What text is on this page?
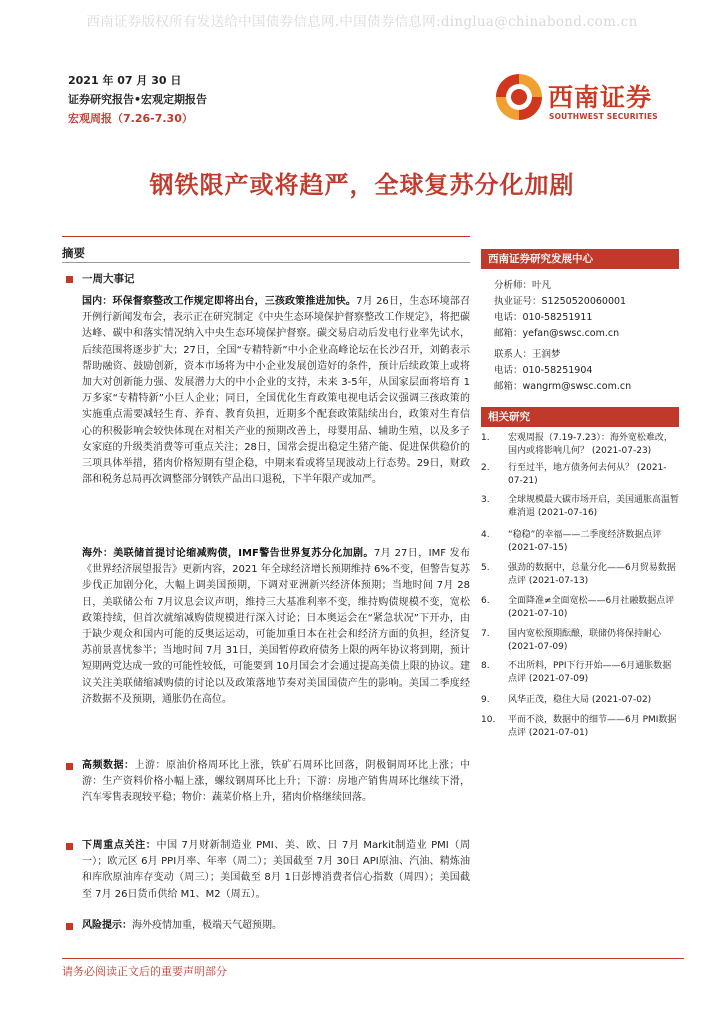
西南证券版权所有发送给中国债券信息网.中国债券信息网:dinglua@chinabond.com.cn
2021 年 07 月 30 日
证券研究报告•宏观定期报告
宏观周报（7.26-7.30）
西南证券
SOUTHWEST SECURITIES
钢铁限产或将趋严，全球复苏分化加剧
摘要
一周大事记
国内：环保督察整改工作规定即将出台，三孩政策推进加快。7月 26日，生态环境部召开例行新闻发布会，表示正在研究制定《中央生态环境保护督察整改工作规定》，将把碳达峰、碳中和落实情况纳入中央生态环境保护督察。碳交易启动后发电行业率先试水，后续范围将逐步扩大；27日，全国“专精特新”中小企业高峰论坛在长沙召开，刘鹤表示帮助融资、鼓励创新，资本市场将为中小企业发展创造好的条件，预计后续政策上或将加大对创新能力强、发展潜力大的中小企业的支持，未来 3-5年，从国家层面将培育 1万多家“专精特新”小巨人企业；同日，全国优化生育政策电视电话会议强调三孩政策的实施重点需要减轻生育、养育、教育负担，近期多个配套政策陆续出台，政策对生育信心的积极影响会较快体现在对相关产业的预期改善上，母婴用品、辅助生殖，以及多子女家庭的升级类消费等可重点关注；28日，国常会提出稳定生猪产能、促进保供稳价的三项具体举措，猪肉价格短期有望企稳，中期来看或将呈现波动上行态势。29日，财政部和税务总局再次调整部分钢铁产品出口退税，下半年限产或加严。
海外：美联储首提讨论缩减购债，IMF警告世界复苏分化加剧。7月 27日，IMF 发布《世界经济展望报告》更新内容，2021 年全球经济增长预期维持 6%不变，但警告复苏步伐正加剧分化，大幅上调美国预期，下调对亚洲新兴经济体预期；当地时间 7月 28日，美联储公布 7月议息会议声明，维持三大基准利率不变，维持购债规模不变，宽松政策持续，但首次就缩减购债规模进行深入讨论；日本奥运会在“紧急状况”下开办，由于缺少观众和国内可能的反奥运运动，可能加重日本在社会和经济方面的负担，经济复苏前景喜忧参半；当地时间 7月 31日，美国暂停政府债务上限的两年协议将到期，预计短期两党达成一致的可能性较低，可能要到 10月国会才会通过提高美债上限的协议。建议关注美联储缩减购债的讨论以及政策落地节奏对美国国债产生的影响。美国二季度经济数据不及预期，通胀仍在高位。
高频数据：上游：原油价格周环比上涨，铁矿石周环比回落，阴极铜周环比上涨；中游：生产资料价格小幅上涨，螺纹钢周环比上升；下游：房地产销售周环比继续下滑，汽车零售表现较平稳；物价：蔬菜价格上升，猪肉价格继续回落。
下周重点关注：中国 7月财新制造业 PMI、美、欧、日 7月 Markit制造业 PMI（周一）；欧元区 6月 PPI月率、年率（周二）；美国截至 7月 30日 API原油、汽油、精炼油和库欣原油库存变动（周三）；美国截至 8月 1日彭博消费者信心指数（周四）；美国截至 7月 26日货币供给 M1、M2（周五）。
风险提示：海外疫情加重，极端天气超预期。
西南证券研究发展中心
分析师：叶凡
执业证号：S1250520060001
电话：010-58251911
邮箱：yefan@swsc.com.cn
联系人：王润梦
电话：010-58251904
邮箱：wangrm@swsc.com.cn
相关研究
1. 宏观周报（7.19-7.23）：海外宽松难改，国内或将影响几何？ (2021-07-23)
2. 行至过半，地方债务何去何从？ (2021-07-21)
3. 全球规模最大碳市场开启，美国通胀高温暂难消退 (2021-07-16)
4. “稳稳”的幸福——二季度经济数据点评 (2021-07-15)
5. 强劲的数据中，总量分化——6月贸易数据点评 (2021-07-13)
6. 全面降准≠全面宽松——6月社融数据点评 (2021-07-10)
7. 国内宽松预期酝酿，联储仍将保持耐心 (2021-07-09)
8. 不出所料，PPI下行开始——6月通胀数据点评 (2021-07-09)
9. 风华正茂，稳住大局 (2021-07-02)
10. 平而不淡，数据中的细节——6月 PMI数据点评 (2021-07-01)
请务必阅读正文后的重要声明部分
